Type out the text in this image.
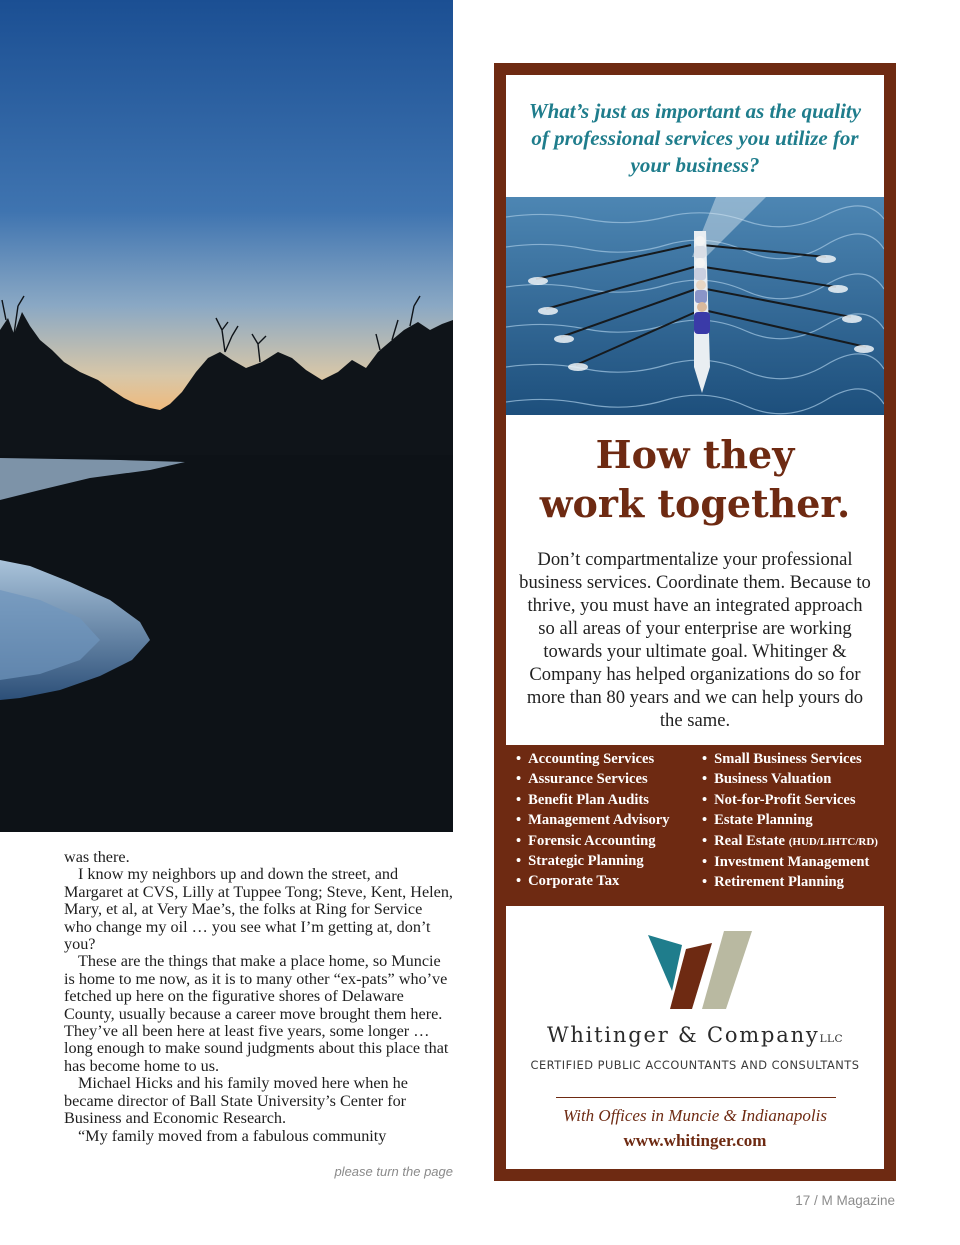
was there.

I know my neighbors up and down the street, and Margaret at CVS, Lilly at Tuppee Tong; Steve, Kent, Helen, Mary, et al, at Very Mae’s, the folks at Ring for Service who change my oil … you see what I’m getting at, don’t you?

These are the things that make a place home, so Muncie is home to me now, as it is to many other “ex-pats” who’ve fetched up here on the figurative shores of Delaware County, usually because a career move brought them here. They’ve all been here at least five years, some longer … long enough to make sound judgments about this place that has become home to us.

Michael Hicks and his family moved here when he became director of Ball State University’s Center for Business and Economic Research.

“My family moved from a fabulous community

please turn the page
What’s just as important as the quality of professional services you utilize for your business?
How they
work together.
Don’t compartmentalize your professional business services. Coordinate them. Because to thrive, you must have an integrated approach so all areas of your enterprise are working towards your ultimate goal. Whitinger & Company has helped organizations do so for more than 80 years and we can help yours do the same.
• Accounting Services
• Assurance Services
• Benefit Plan Audits
• Management Advisory
• Forensic Accounting
• Strategic Planning
• Corporate Tax
• Small Business Services
• Business Valuation
• Not-for-Profit Services
• Estate Planning
• Real Estate (HUD/LIHTC/RD)
• Investment Management
• Retirement Planning
Whitinger & CompanyLLC
CERTIFIED PUBLIC ACCOUNTANTS AND CONSULTANTS
With Offices in Muncie & Indianapolis
www.whitinger.com
17 / M Magazine
